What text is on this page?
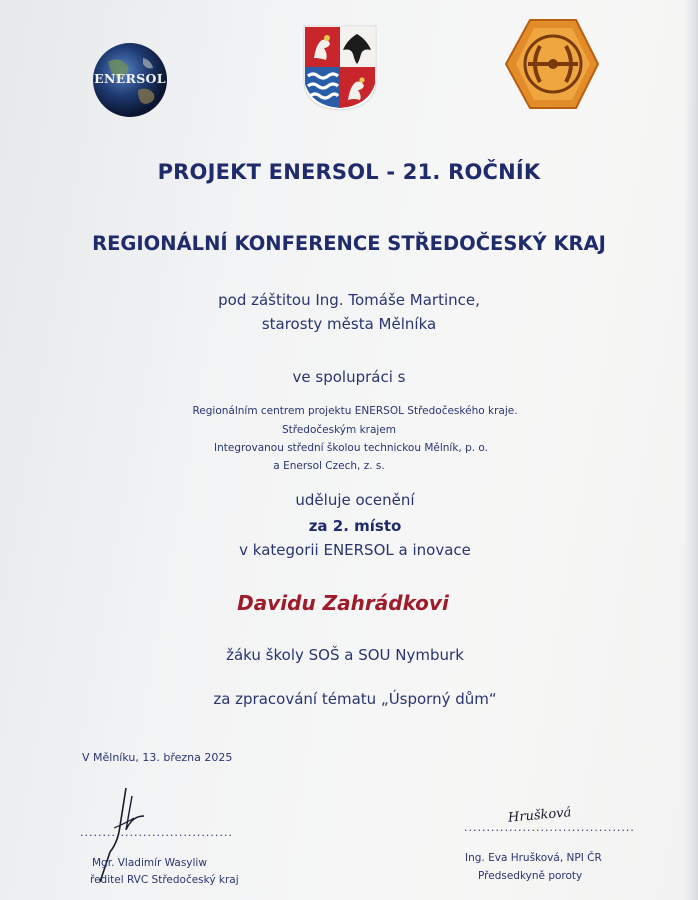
ENERSOL
PROJEKT ENERSOL - 21. ROČNÍK
REGIONÁLNÍ KONFERENCE STŘEDOČESKÝ KRAJ
pod záštitou Ing. Tomáše Martince,
starosty města Mělníka
ve spolupráci s
Regionálním centrem projektu ENERSOL Středočeského kraje.
Středočeským krajem
Integrovanou střední školou technickou Mělník, p. o.
a Enersol Czech, z. s.
uděluje ocenění
za 2. místo
v kategorii ENERSOL a inovace
Davidu Zahrádkovi
žáku školy SOŠ a SOU Nymburk
za zpracování tématu „Úsporný dům“
V Mělníku, 13. března 2025
..................................
Mgr. Vladimír Wasyliw
ředitel RVC Středočeský kraj
Hrušková
......................................
Ing. Eva Hrušková, NPI ČR
Předsedkyně poroty
